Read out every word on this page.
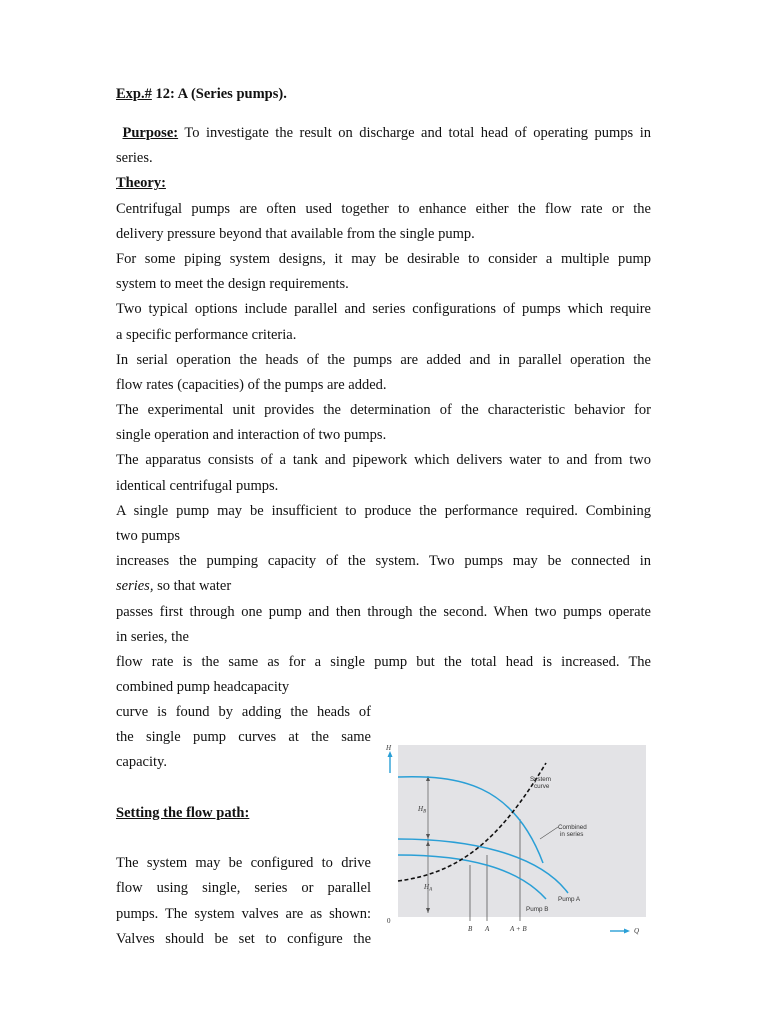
Exp.# 12: A (Series pumps).
Purpose: To investigate the result on discharge and total head of operating pumps in
series.
Theory:
Centrifugal pumps are often used together to enhance either the flow rate or the
delivery pressure beyond that available from the single pump.
For some piping system designs, it may be desirable to consider a multiple pump
system to meet the design requirements.
Two typical options include parallel and series configurations of pumps which require
a specific performance criteria.
In serial operation the heads of the pumps are added and in parallel operation the
flow rates (capacities) of the pumps are added.
The experimental unit provides the determination of the characteristic behavior for
single operation and interaction of two pumps.
The apparatus consists of a tank and pipework which delivers water to and from two
identical centrifugal pumps.
A single pump may be insufficient to produce the performance required. Combining
two pumps
increases the pumping capacity of the system. Two pumps may be connected in
series, so that water
passes first through one pump and then through the second. When two pumps operate
in series, the
flow rate is the same as for a single pump but the total head is increased. The
combined pump headcapacity
curve is found by adding the heads of
the single pump curves at the same
capacity.
Setting the flow path:
The system may be configured to drive
flow using single, series or parallel
pumps. The system valves are as shown:
Valves should be set to configure the
H
0
Q
$H_B$
$H_A$
System
curve
Combined
in series
Pump A
Pump B
B A	A + B
